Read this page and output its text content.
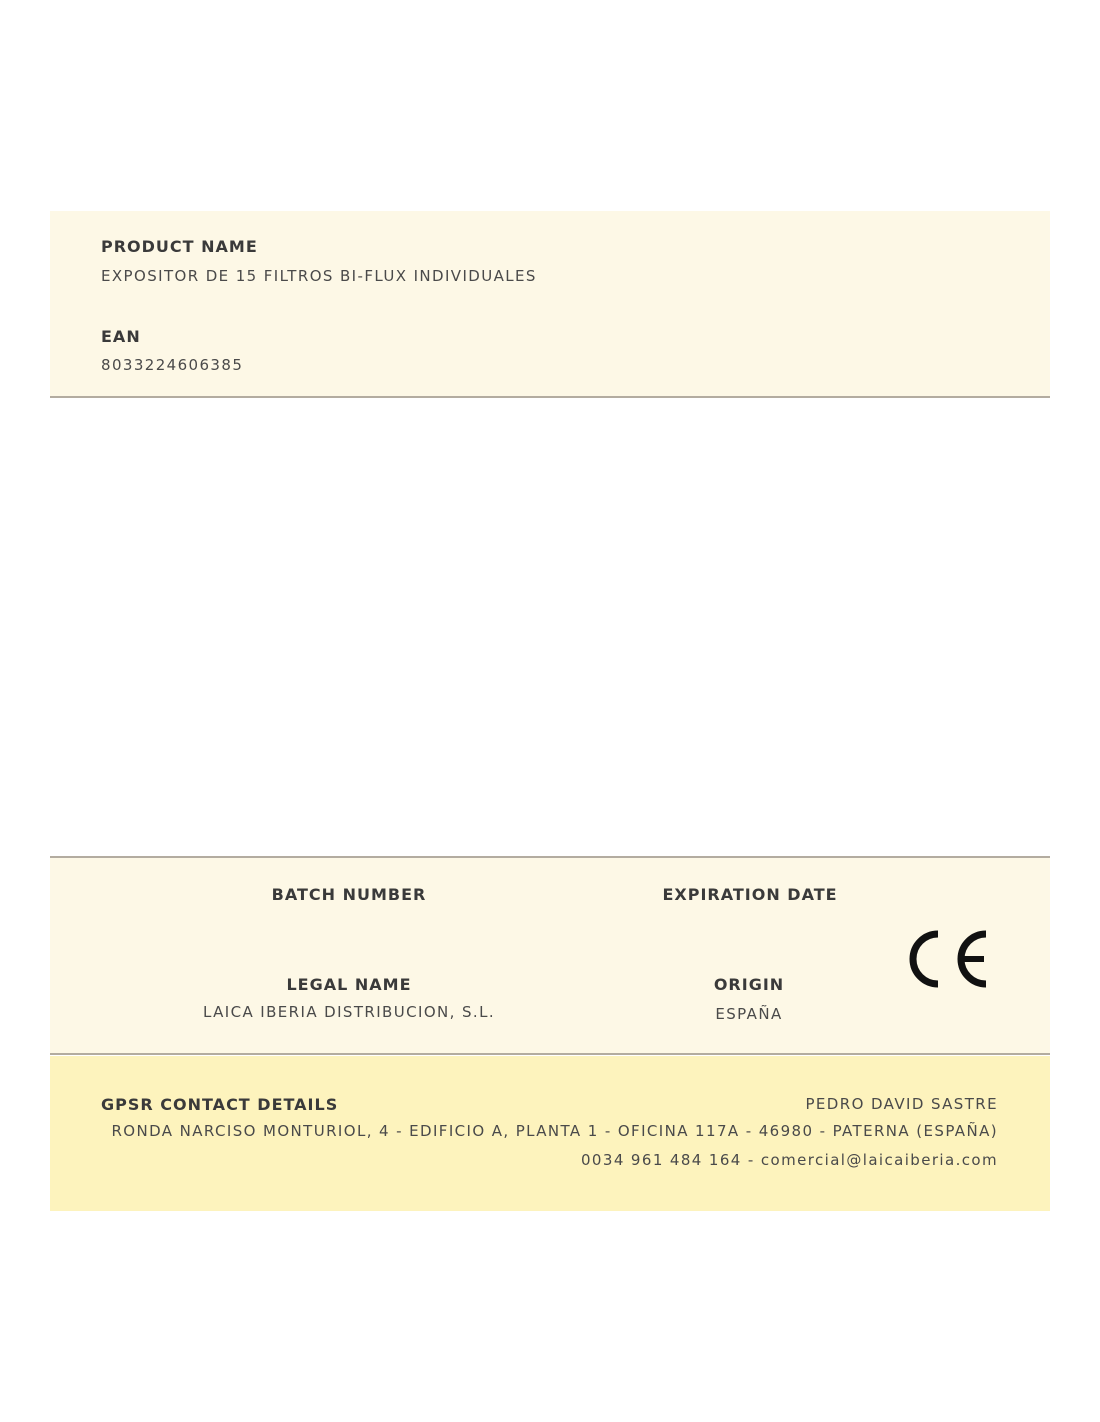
PRODUCT NAME
EXPOSITOR DE 15 FILTROS BI-FLUX INDIVIDUALES
EAN
8033224606385
BATCH NUMBER	EXPIRATION DATE
LEGAL NAME
LAICA IBERIA DISTRIBUCION, S.L.
ORIGIN
ESPAÑA
GPSR CONTACT DETAILS	PEDRO DAVID SASTRE
RONDA NARCISO MONTURIOL, 4 - EDIFICIO A, PLANTA 1 - OFICINA 117A - 46980 - PATERNA (ESPAÑA)
0034 961 484 164 - comercial@laicaiberia.com
